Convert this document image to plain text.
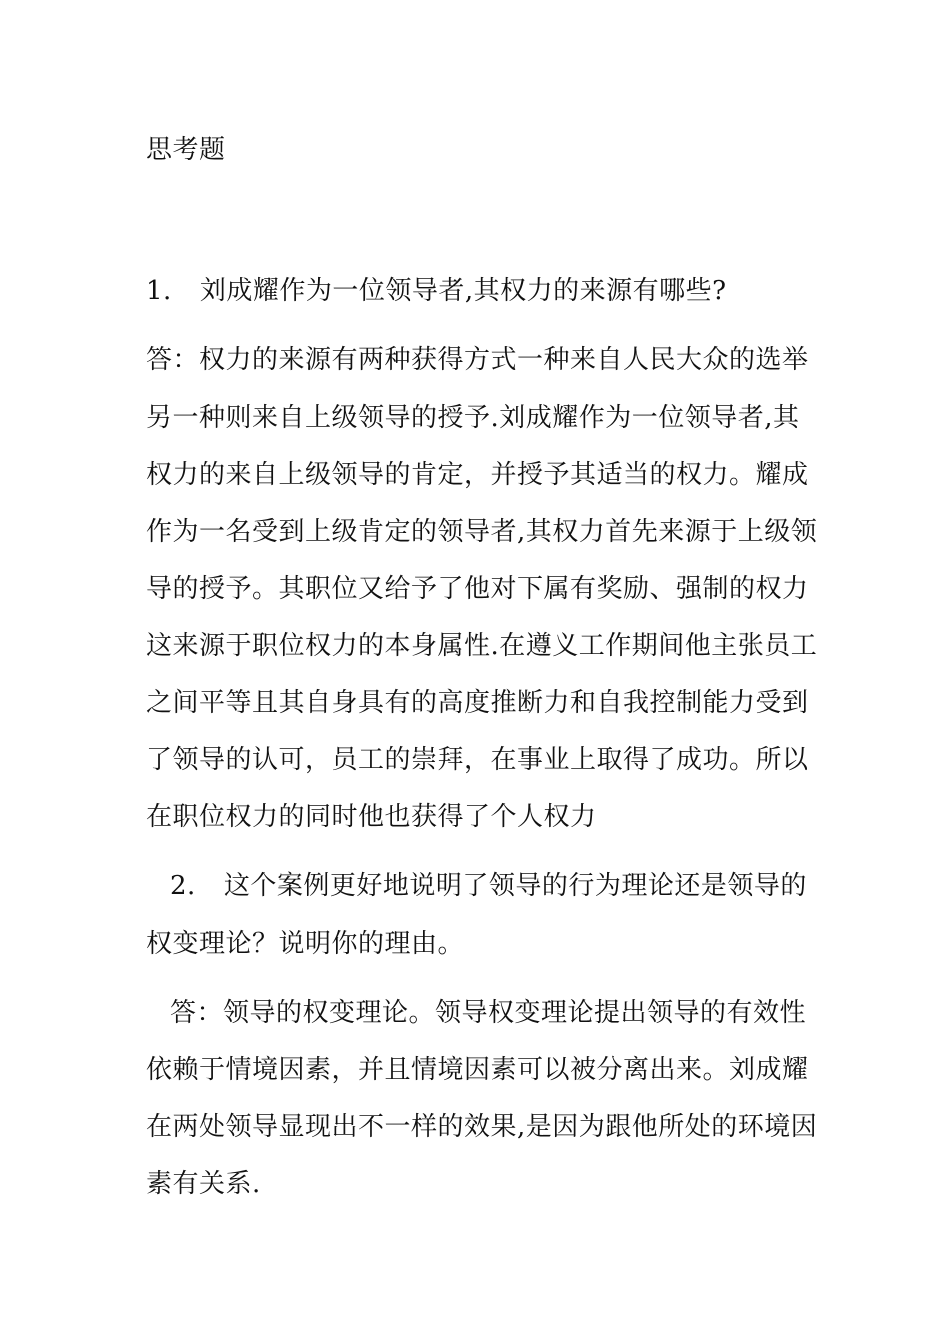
思考题
1. 刘成耀作为一位领导者,其权力的来源有哪些?
答：权力的来源有两种获得方式一种来自人民大众的选举
另一种则来自上级领导的授予.刘成耀作为一位领导者,其
权力的来自上级领导的肯定，并授予其适当的权力。耀成
作为一名受到上级肯定的领导者,其权力首先来源于上级领
导的授予。其职位又给予了他对下属有奖励、强制的权力
这来源于职位权力的本身属性.在遵义工作期间他主张员工
之间平等且其自身具有的高度推断力和自我控制能力受到
了领导的认可，员工的崇拜，在事业上取得了成功。所以
在职位权力的同时他也获得了个人权力
2. 这个案例更好地说明了领导的行为理论还是领导的
权变理论？说明你的理由。
答：领导的权变理论。领导权变理论提出领导的有效性
依赖于情境因素，并且情境因素可以被分离出来。刘成耀
在两处领导显现出不一样的效果,是因为跟他所处的环境因
素有关系.
